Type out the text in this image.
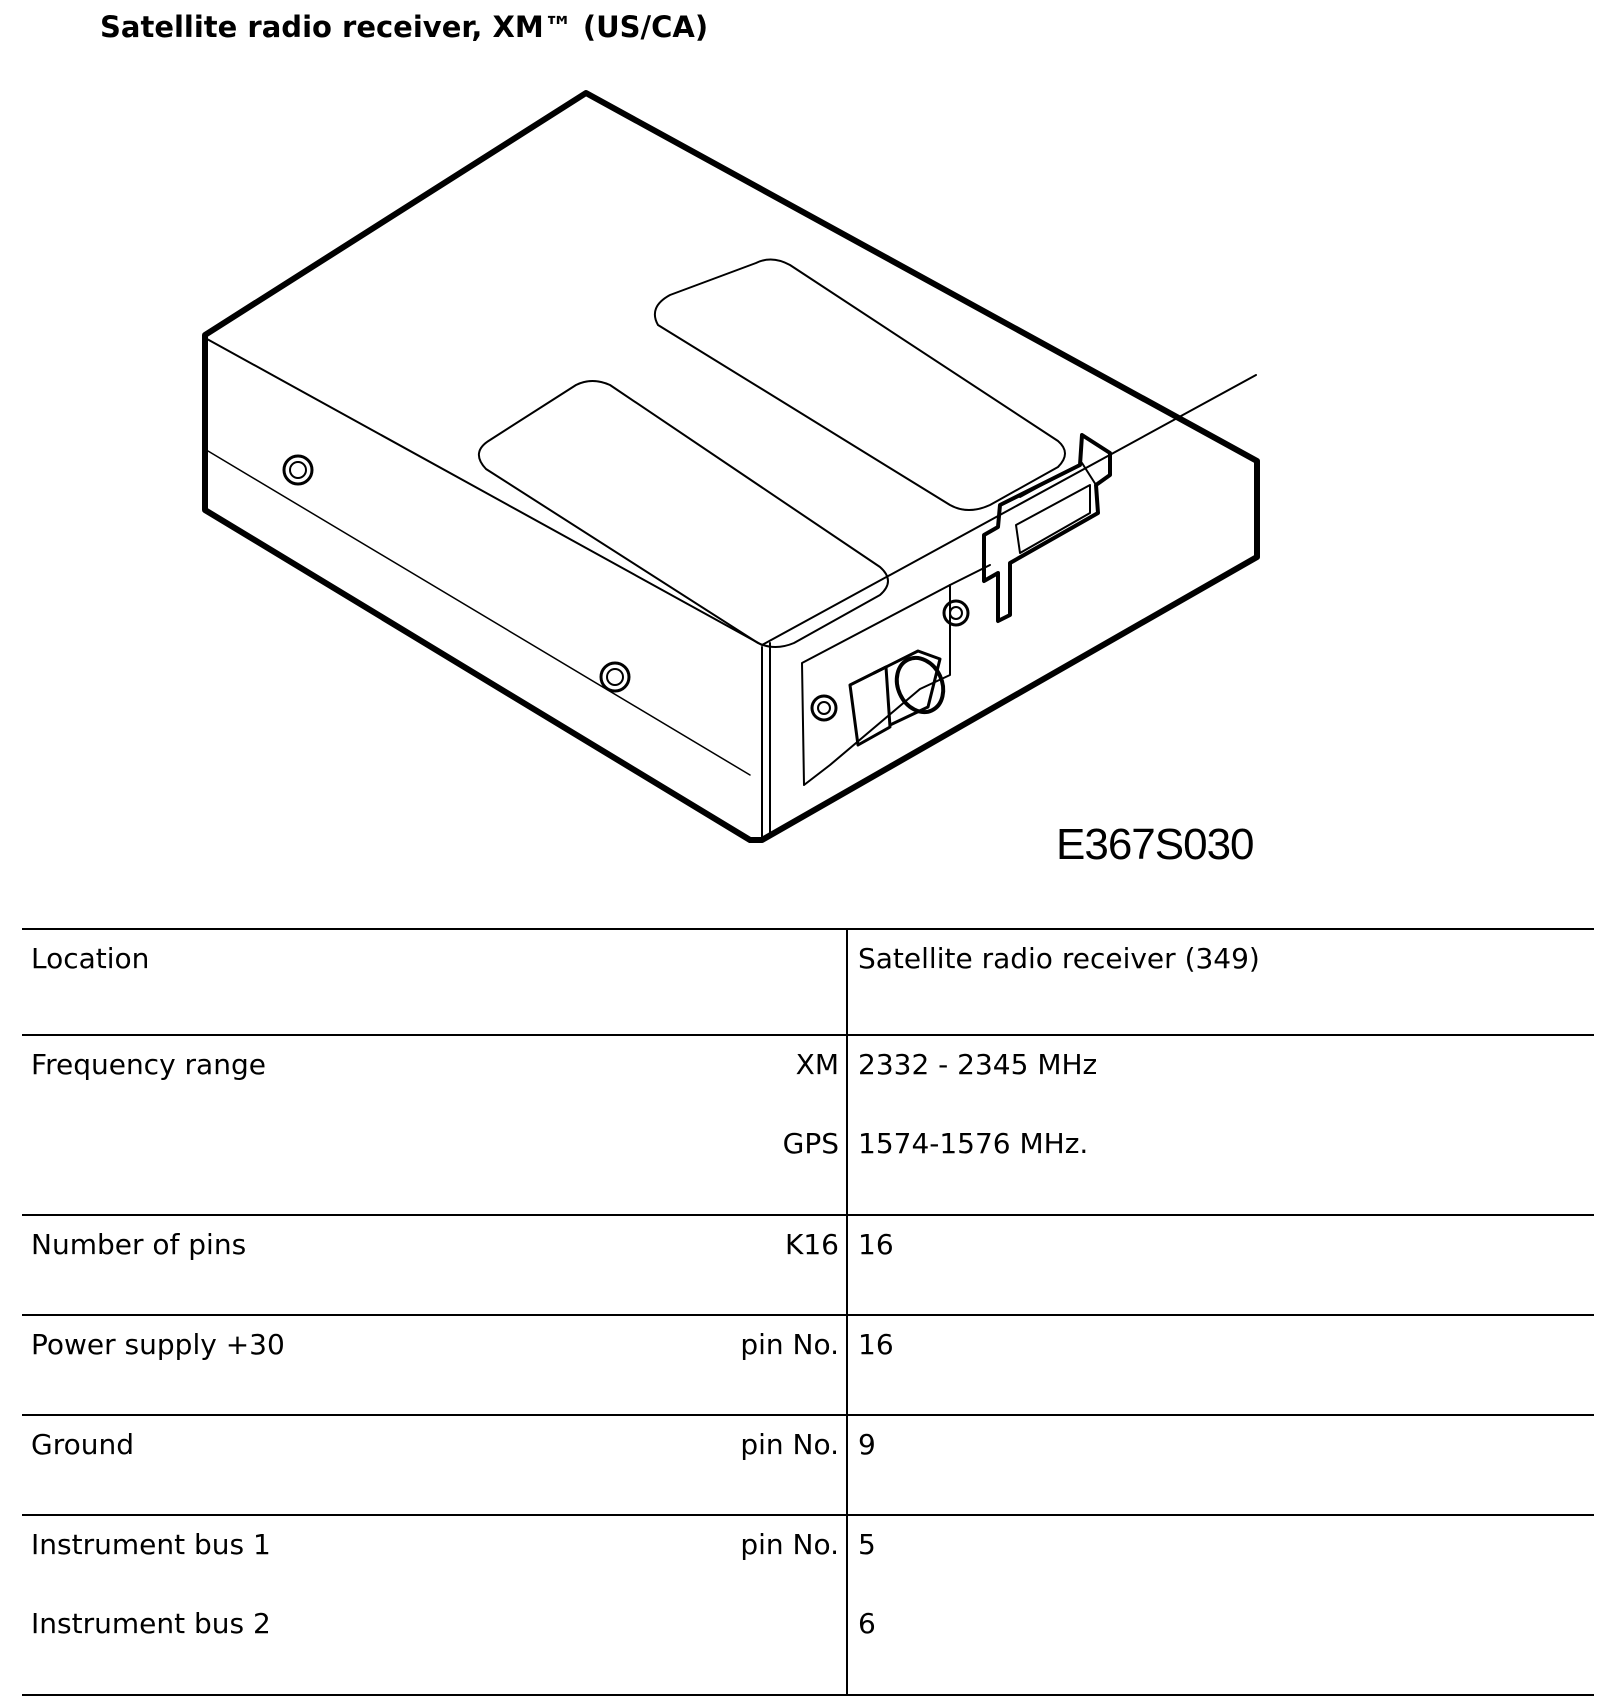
Satellite radio receiver, XM™ (US/CA)
E367S030
Location	Satellite radio receiver (349)
Frequency range	XM 2332 - 2345 MHz
GPS 1574-1576 MHz.
Number of pins	K16 16
Power supply +30	pin No. 16
Ground	pin No. 9
Instrument bus 1	pin No. 5
Instrument bus 2	6
